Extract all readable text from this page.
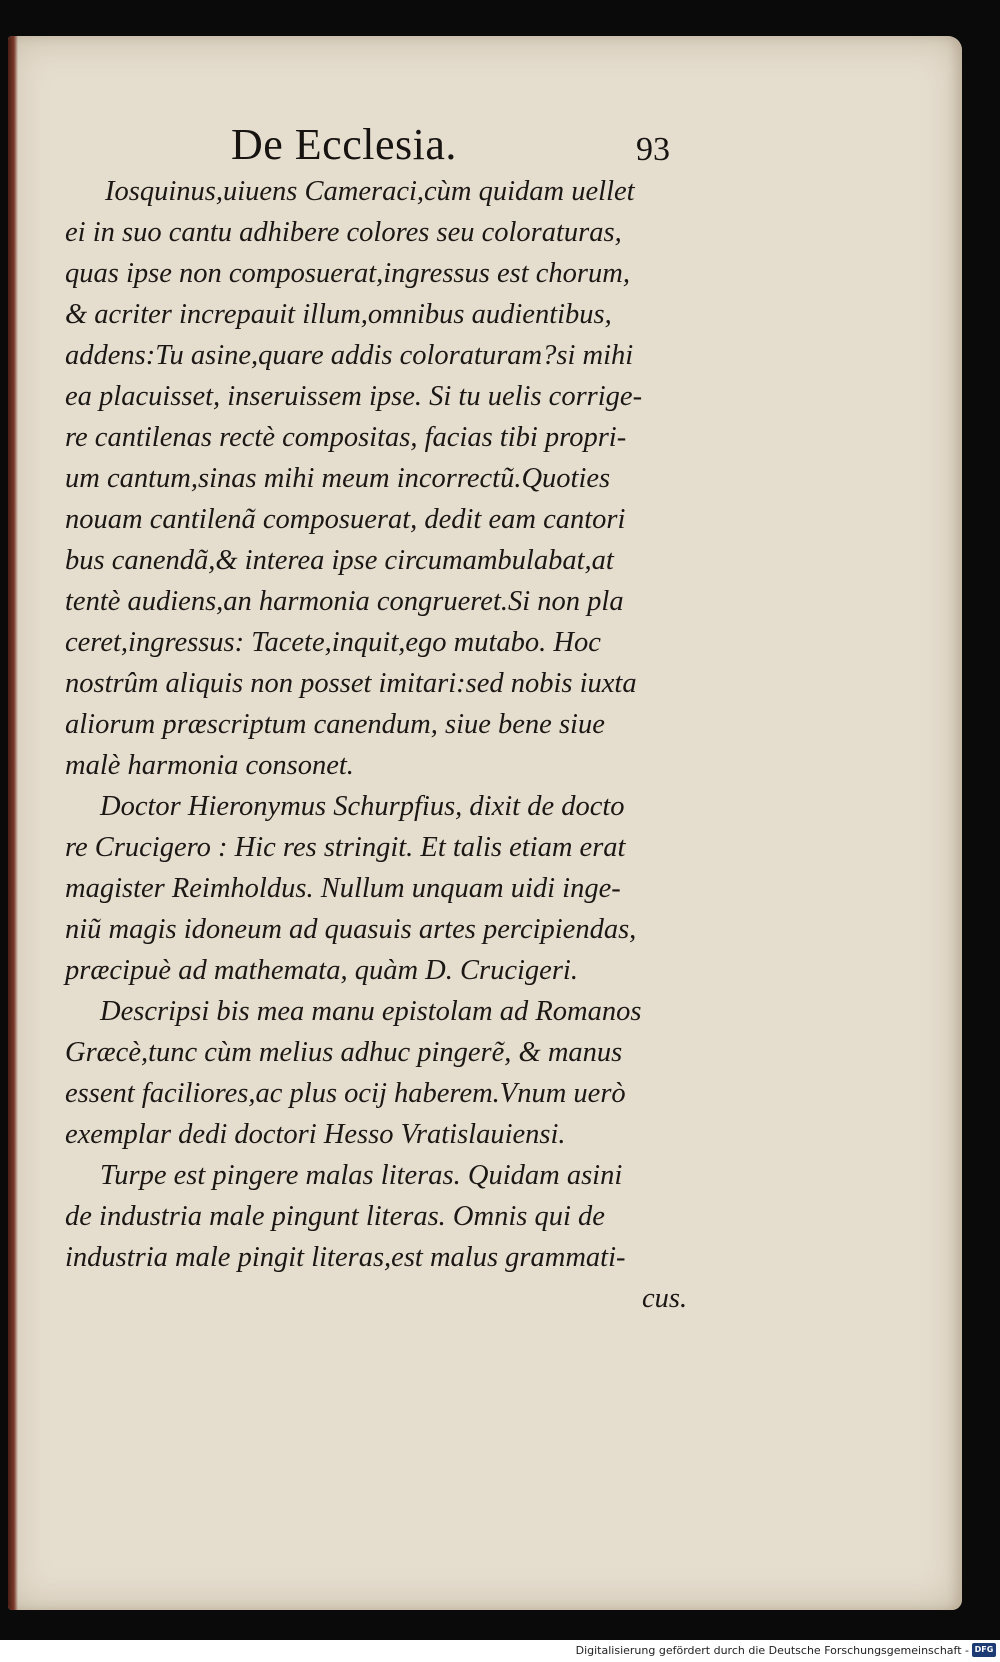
De Ecclesia.	93

Iosquinus,uiuens Cameraci,cùm quidam uellet

ei in suo cantu adhibere colores seu coloraturas,

quas ipse non composuerat,ingressus est chorum,

& acriter increpauit illum,omnibus audientibus,

addens:Tu asine,quare addis coloraturam?si mihi

ea placuisset, inseruissem ipse. Si tu uelis corrige-

re cantilenas rectè compositas, facias tibi propri-

um cantum,sinas mihi meum incorrectũ.Quoties

nouam cantilenã composuerat, dedit eam cantori

bus canendã,& interea ipse circumambulabat,at

tentè audiens,an harmonia congrueret.Si non pla

ceret,ingressus: Tacete,inquit,ego mutabo. Hoc

nostrûm aliquis non posset imitari:sed nobis iuxta

aliorum præscriptum canendum, siue bene siue

malè harmonia consonet.

Doctor Hieronymus Schurpfius, dixit de docto

re Crucigero : Hic res stringit. Et talis etiam erat

magister Reimholdus. Nullum unquam uidi inge-

niũ magis idoneum ad quasuis artes percipiendas,

præcipuè ad mathemata, quàm D. Crucigeri.

Descripsi bis mea manu epistolam ad Romanos

Græcè,tunc cùm melius adhuc pingerẽ, & manus

essent faciliores,ac plus ocij haberem.Vnum uerò

exemplar dedi doctori Hesso Vratislauiensi.

Turpe est pingere malas literas. Quidam asini

de industria male pingunt literas. Omnis qui de

industria male pingit literas,est malus grammati-

cus.

Digitalisierung gefördert durch die Deutsche Forschungsgemeinschaft - DFG
